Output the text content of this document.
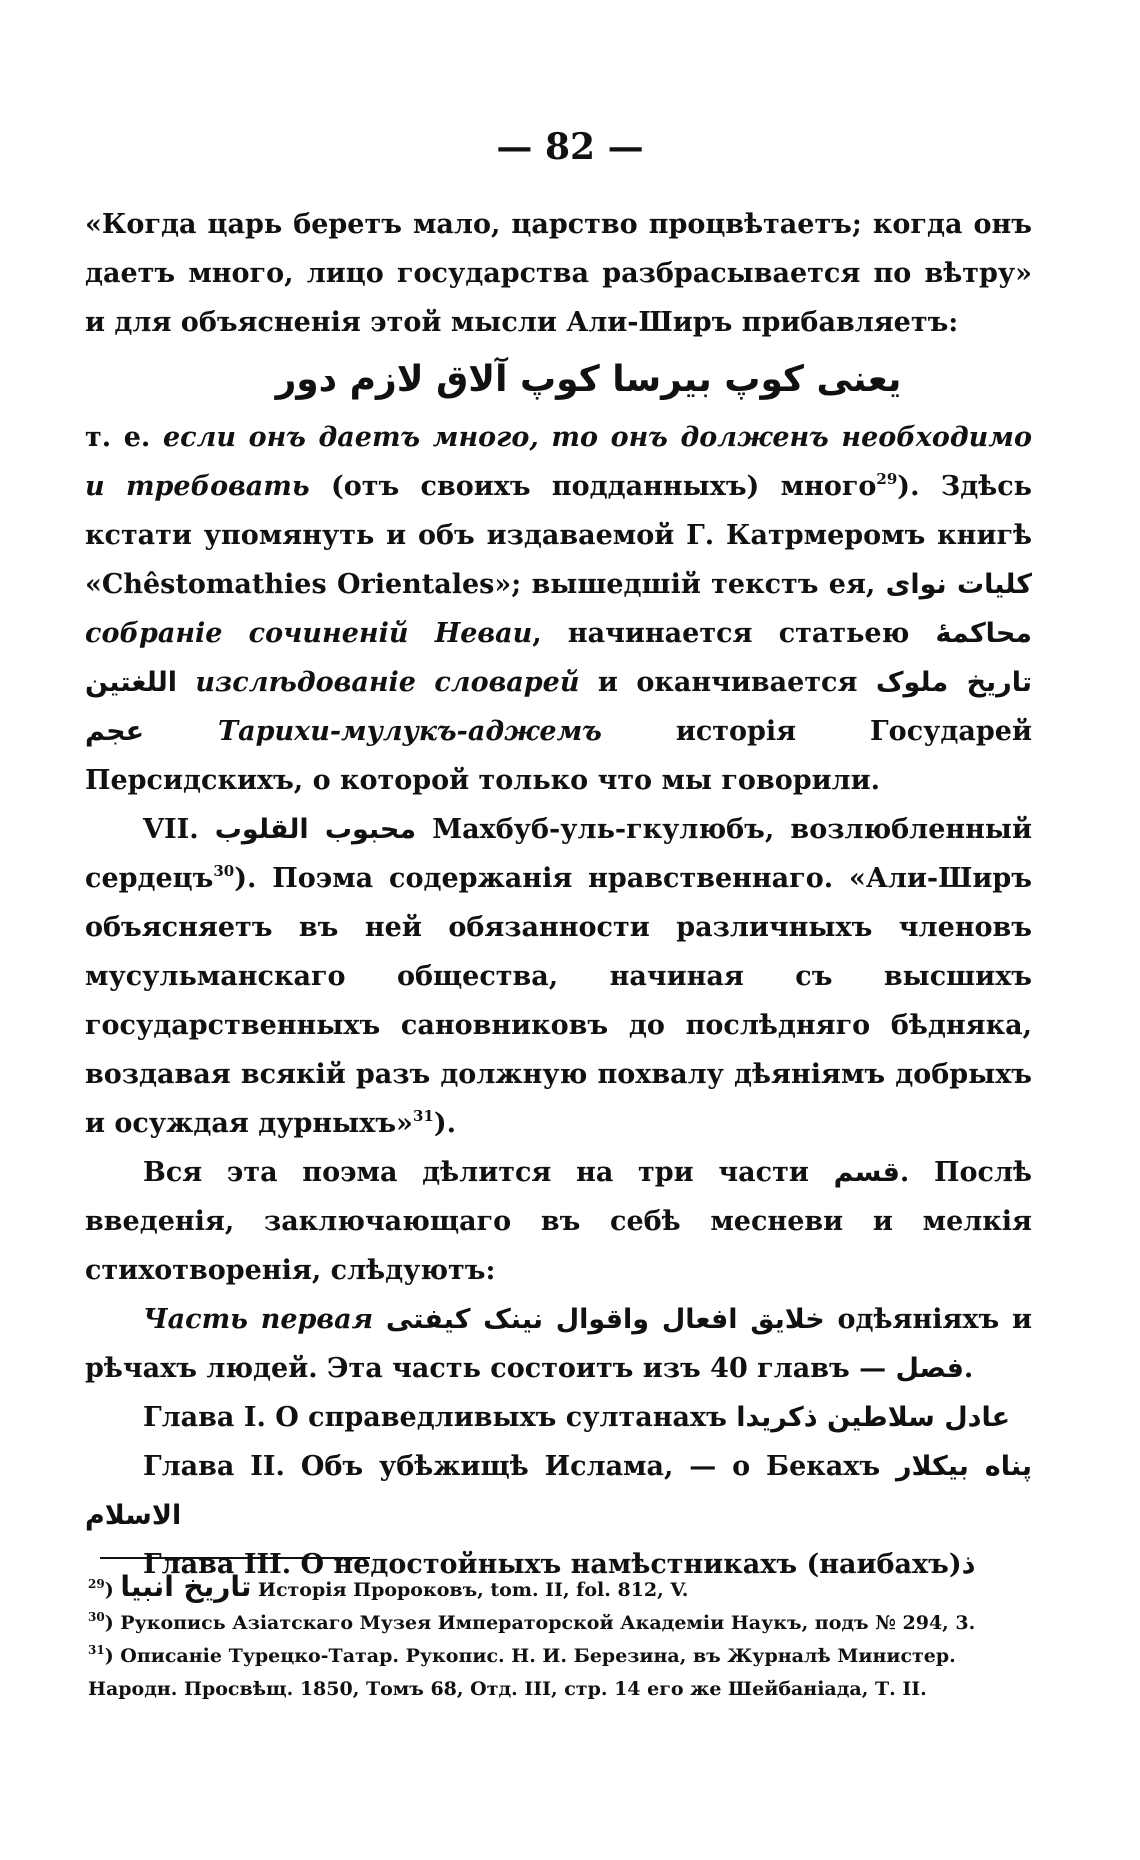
— 82 —

«Когда царь беретъ мало, царство процвѣтаетъ; когда онъ даетъ много, лицо государства разбрасывается по вѣтру» и для объясненія этой мысли Али-Ширъ прибавляетъ:
یعنی کوپ بیرسا کوپ آلاق لازم دور

т. е. если онъ даетъ много, то онъ долженъ необходимо и требовать (отъ своихъ подданныхъ) много$^{29}$). Здѣсь кстати упомянуть и объ издаваемой Г. Катрмеромъ книгѣ «Chêstomathies Orientales»; вышедшій текстъ ея, کلیات نوای собраніе сочиненій Неваи, начинается статьею محاکمهٔ اللغتین изслѣдованіе словарей и оканчивается تاریخ ملوک عجم	Тарихи-мулукъ-аджемъ исторія Государей Персидскихъ, о которой только что мы говорили.

VII. محبوب القلوب Махбуб-уль-гкулюбъ, возлюбленный сердецъ$^{30}$). Поэма содержанія нравственнаго. «Али-Ширъ объясняетъ въ ней обязанности различныхъ членовъ мусульманскаго общества, начиная съ высшихъ государственныхъ сановниковъ до послѣдняго бѣдняка, воздавая всякій разъ должную похвалу дѣяніямъ добрыхъ и осуждая дурныхъ»$^{31}$).

Вся эта поэма дѣлится на три части قسم. Послѣ введенія, заключающаго въ себѣ месневи и мелкія стихотворенія, слѣдуютъ:

Часть первая خلایق افعال واقوال نینک کیفتی одѣяніяхъ и рѣчахъ людей. Эта часть состоитъ изъ 40 главъ — فصل.

Глава I. О справедливыхъ султанахъ عادل سلاطین ذکریدا

Глава II. Объ убѣжищѣ Ислама, — о Бекахъ پناه بیکلار الاسلام

Глава III. О недостойныхъ намѣстникахъ (наибахъ)ذ

$^{29}$) تاریخ انبیا Исторія Пророковъ, tom. II, fol. 812, V.

$^{30}$) Рукопись Азіатскаго Музея Императорской Академіи Наукъ, подъ № 294, 3.

$^{31}$) Описаніе Турецко-Татар. Рукопис. Н. И. Березина, въ Журналѣ Министер. Народн. Просвѣщ. 1850, Томъ 68, Отд. III, стр. 14 его же Шейбаніада, Т. II.
